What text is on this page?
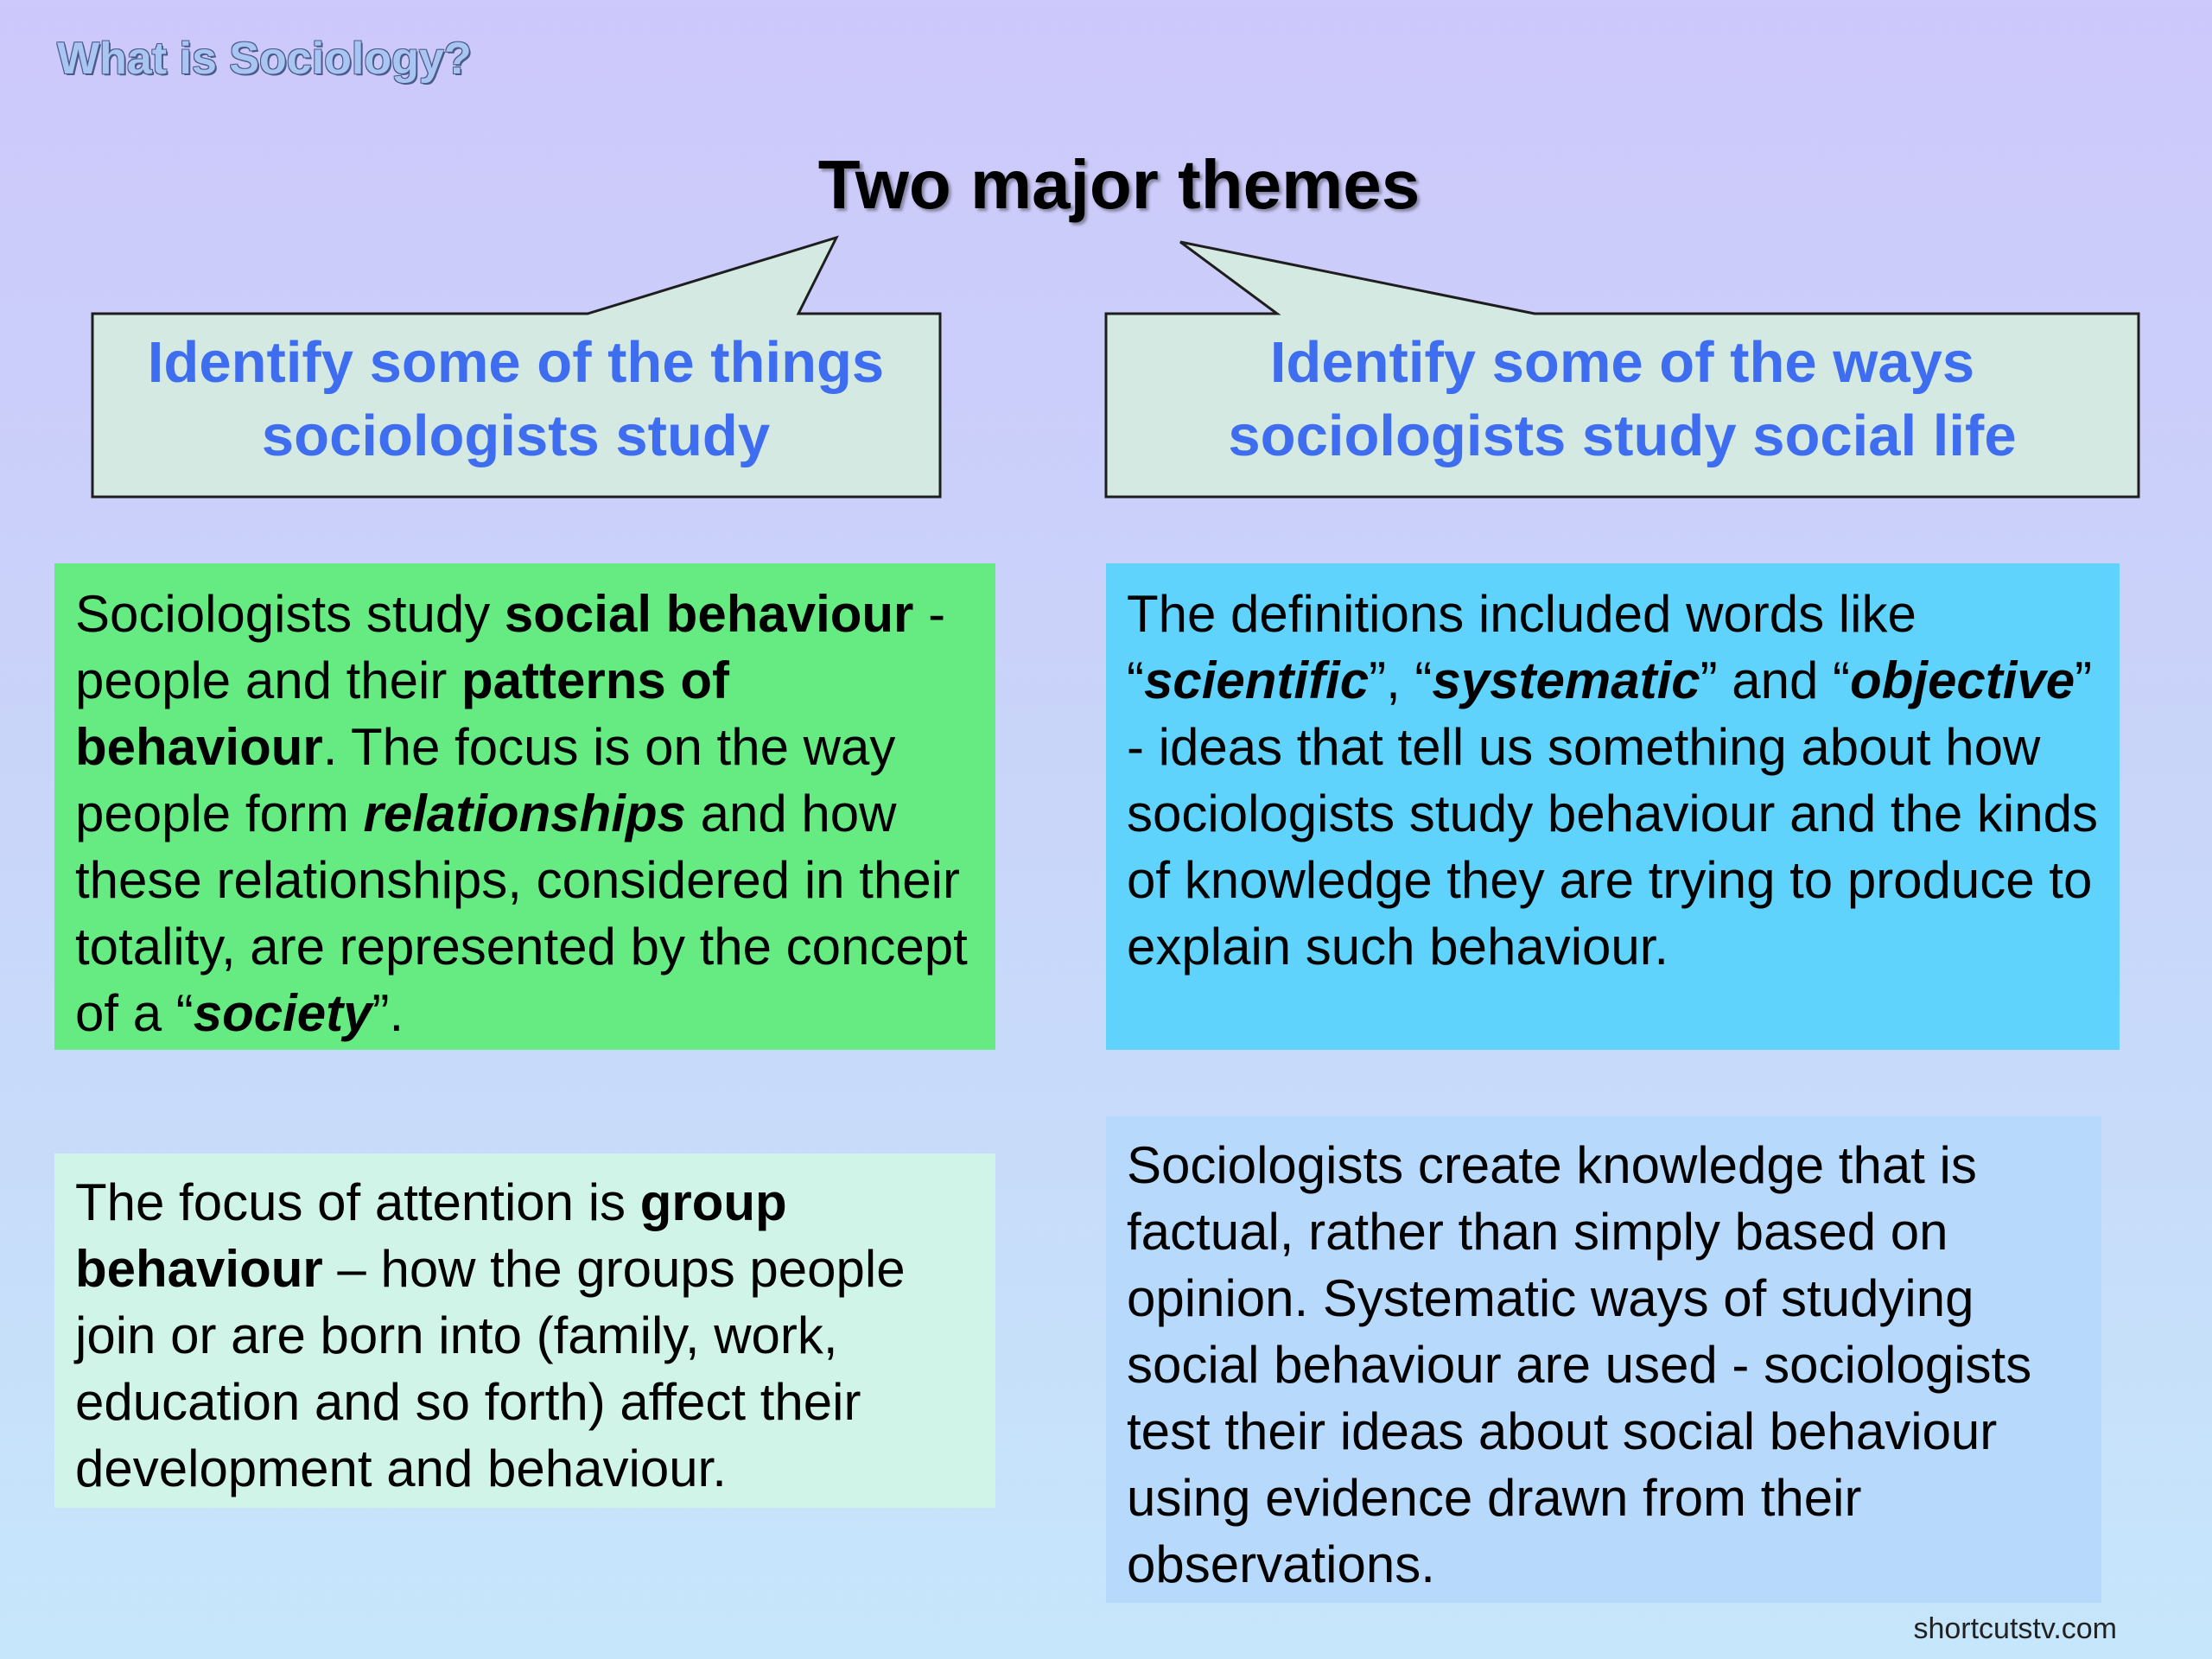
What is Sociology?
Two major themes
Identify some of the things
sociologists study
Identify some of the ways
sociologists study social life
Sociologists study social behaviour - people and their patterns of behaviour. The focus is on the way people form relationships and how these relationships, considered in their totality, are represented by the concept of a “society”.
The definitions included words like “scientific”, “systematic” and “objective” - ideas that tell us something about how sociologists study behaviour and the kinds of knowledge they are trying to produce to explain such behaviour.
The focus of attention is group behaviour – how the groups people join or are born into (family, work, education and so forth) affect their development and behaviour.
Sociologists create knowledge that is factual, rather than simply based on opinion. Systematic ways of studying social behaviour are used - sociologists test their ideas about social behaviour using evidence drawn from their observations.
shortcutstv.com
